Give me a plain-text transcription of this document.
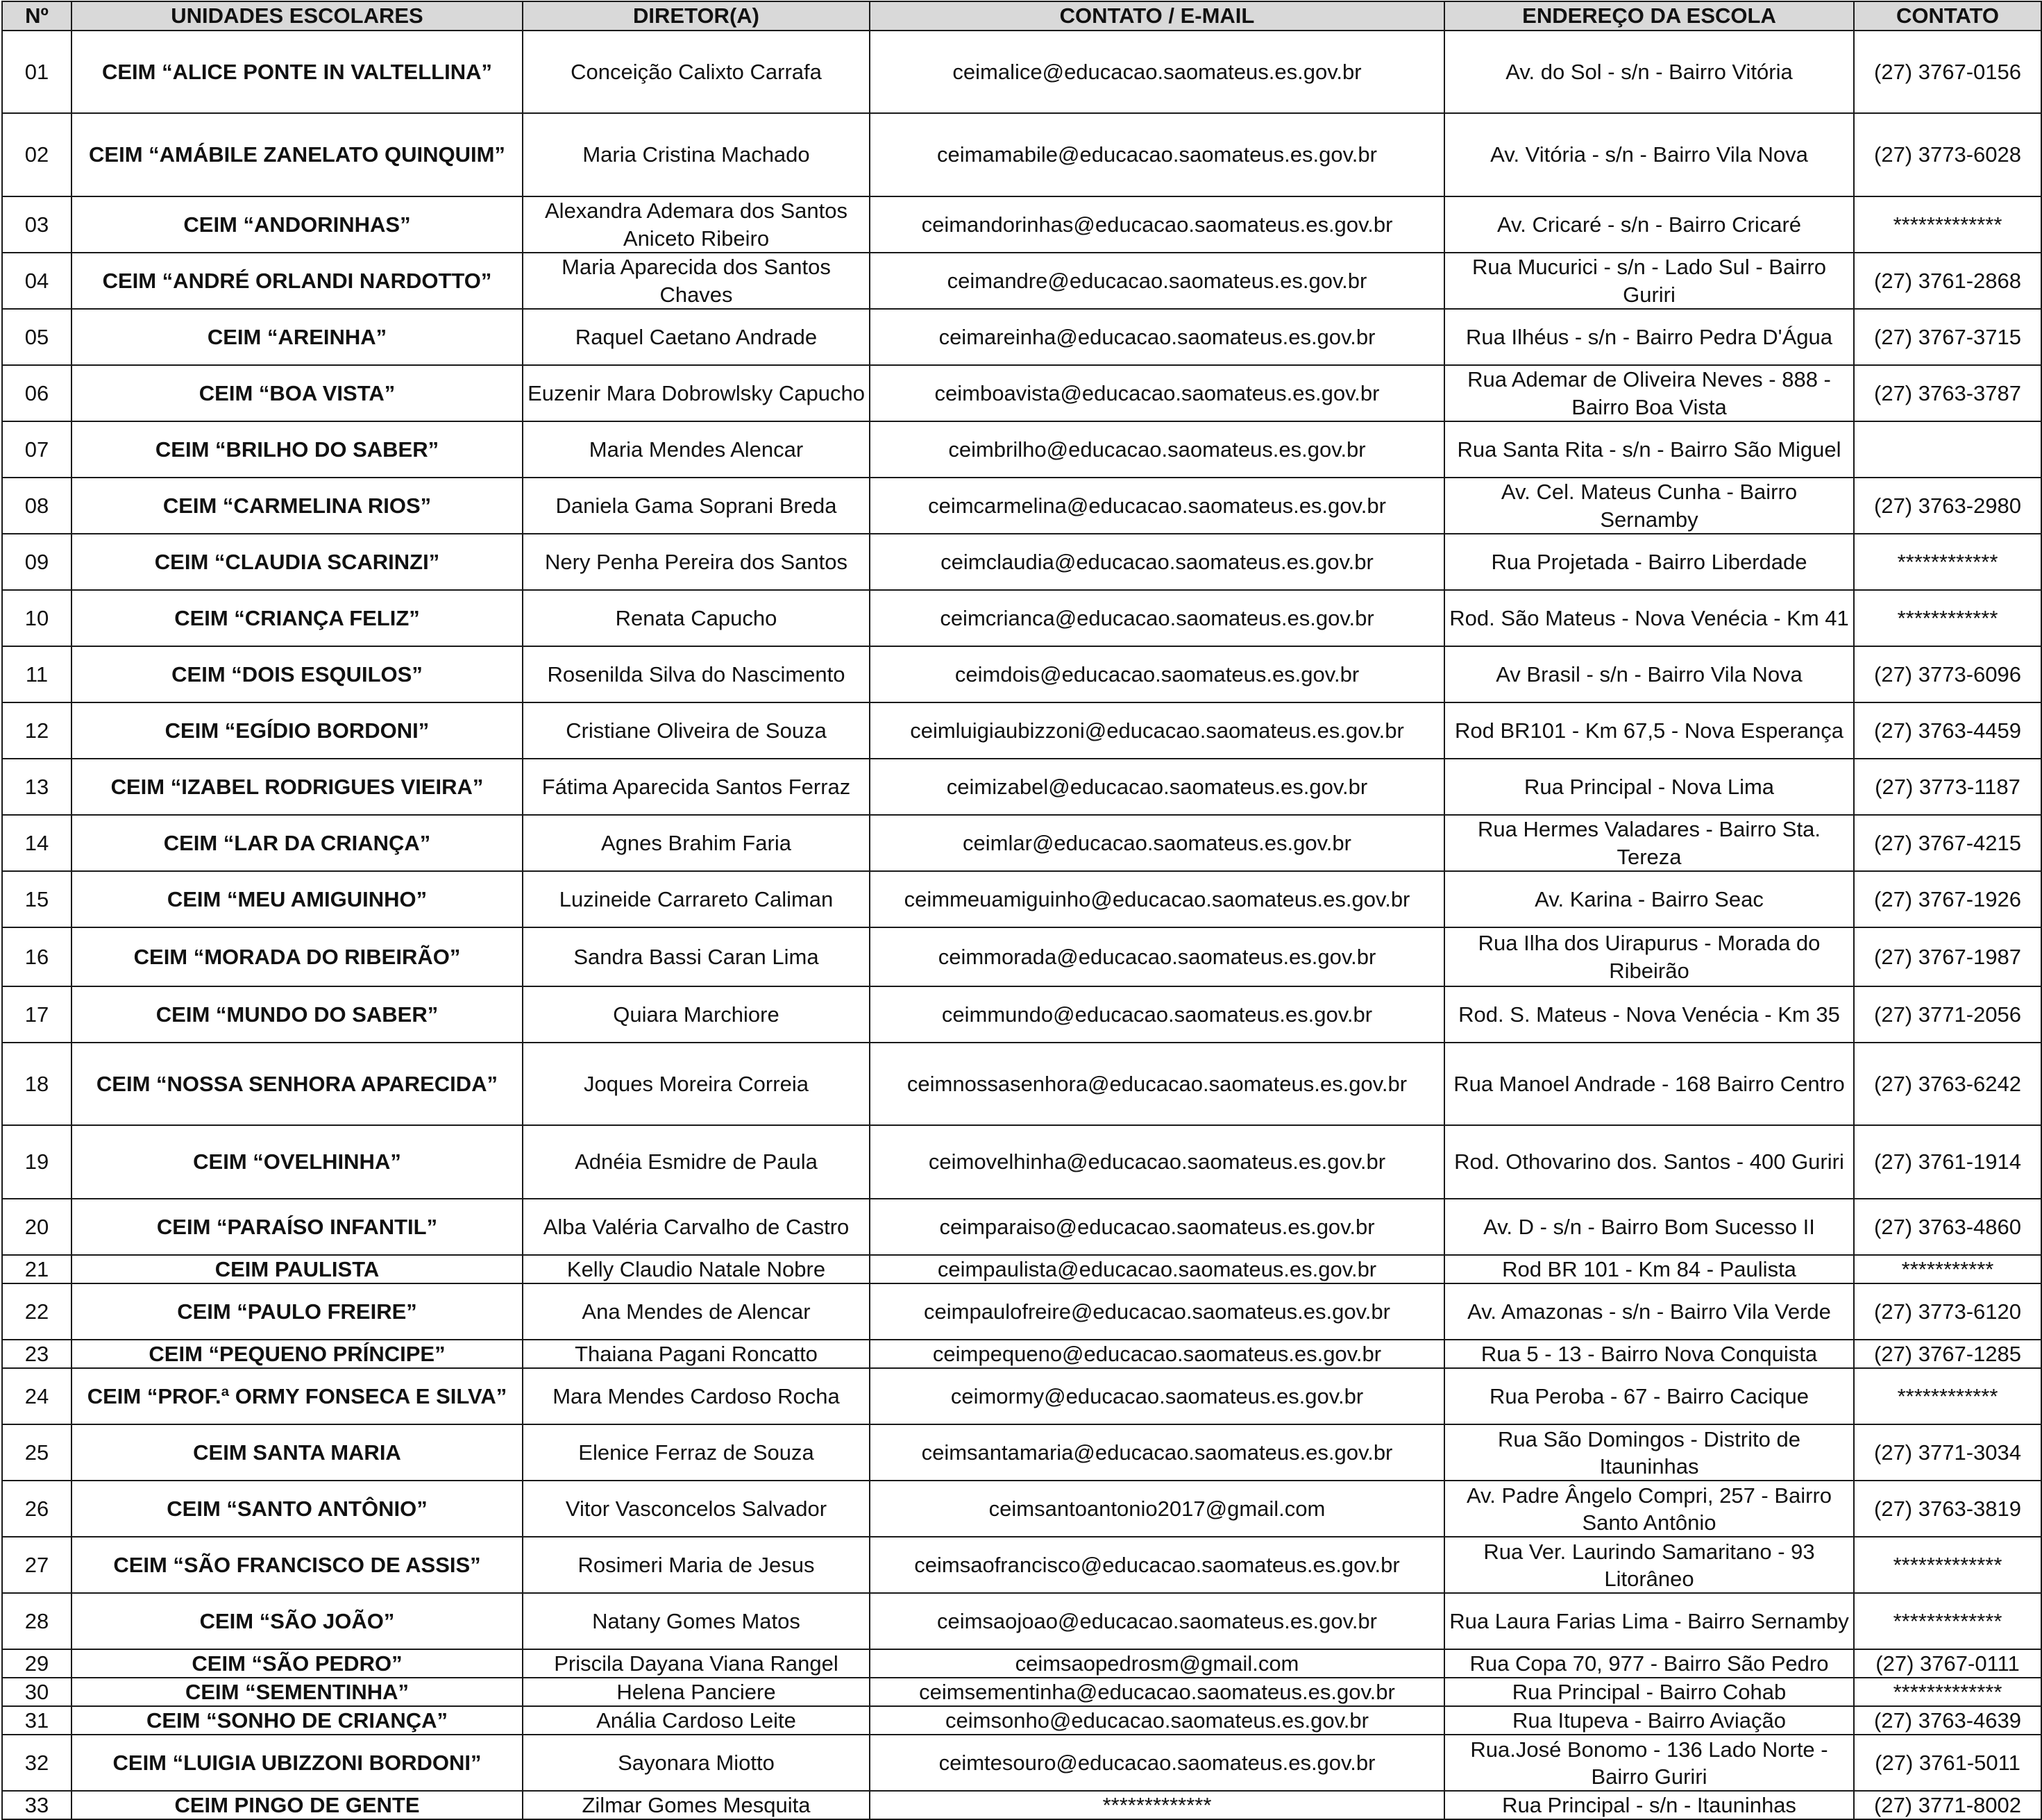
Nº	UNIDADES ESCOLARES	DIRETOR(A)	CONTATO / E-MAIL	ENDEREÇO DA ESCOLA	CONTATO
01	CEIM “ALICE PONTE IN VALTELLINA”	Conceição Calixto Carrafa	ceimalice@educacao.saomateus.es.gov.br	Av. do Sol - s/n - Bairro Vitória	(27) 3767-0156
02	CEIM “AMÁBILE ZANELATO QUINQUIM”	Maria Cristina Machado	ceimamabile@educacao.saomateus.es.gov.br	Av. Vitória - s/n - Bairro Vila Nova	(27) 3773-6028
03	CEIM “ANDORINHAS”	Alexandra Ademara dos Santos Aniceto Ribeiro	ceimandorinhas@educacao.saomateus.es.gov.br	Av. Cricaré - s/n - Bairro Cricaré	*************
04	CEIM “ANDRÉ ORLANDI NARDOTTO”	Maria Aparecida dos Santos Chaves	ceimandre@educacao.saomateus.es.gov.br	Rua Mucurici - s/n - Lado Sul - Bairro Guriri	(27) 3761-2868
05	CEIM “AREINHA”	Raquel Caetano Andrade	ceimareinha@educacao.saomateus.es.gov.br	Rua Ilhéus - s/n - Bairro Pedra D'Água	(27) 3767-3715
06	CEIM “BOA VISTA”	Euzenir Mara Dobrowlsky Capucho	ceimboavista@educacao.saomateus.es.gov.br	Rua Ademar de Oliveira Neves - 888 - Bairro Boa Vista	(27) 3763-3787
07	CEIM “BRILHO DO SABER”	Maria Mendes Alencar	ceimbrilho@educacao.saomateus.es.gov.br	Rua Santa Rita - s/n - Bairro São Miguel	
08	CEIM “CARMELINA RIOS”	Daniela Gama Soprani Breda	ceimcarmelina@educacao.saomateus.es.gov.br	Av. Cel. Mateus Cunha - Bairro Sernamby	(27) 3763-2980
09	CEIM “CLAUDIA SCARINZI”	Nery Penha Pereira dos Santos	ceimclaudia@educacao.saomateus.es.gov.br	Rua Projetada - Bairro Liberdade	************
10	CEIM “CRIANÇA FELIZ”	Renata Capucho	ceimcrianca@educacao.saomateus.es.gov.br	Rod. São Mateus - Nova Venécia - Km 41	************
11	CEIM “DOIS ESQUILOS”	Rosenilda Silva do Nascimento	ceimdois@educacao.saomateus.es.gov.br	Av Brasil - s/n - Bairro Vila Nova	(27) 3773-6096
12	CEIM “EGÍDIO BORDONI”	Cristiane Oliveira de Souza	ceimluigiaubizzoni@educacao.saomateus.es.gov.br	Rod BR101 - Km 67,5 - Nova Esperança	(27) 3763-4459
13	CEIM “IZABEL RODRIGUES VIEIRA”	Fátima Aparecida Santos Ferraz	ceimizabel@educacao.saomateus.es.gov.br	Rua Principal - Nova Lima	(27) 3773-1187
14	CEIM “LAR DA CRIANÇA”	Agnes Brahim Faria	ceimlar@educacao.saomateus.es.gov.br	Rua Hermes Valadares - Bairro Sta. Tereza	(27) 3767-4215
15	CEIM “MEU AMIGUINHO”	Luzineide Carrareto Caliman	ceimmeuamiguinho@educacao.saomateus.es.gov.br	Av. Karina - Bairro Seac	(27) 3767-1926
16	CEIM “MORADA DO RIBEIRÃO”	Sandra Bassi Caran Lima	ceimmorada@educacao.saomateus.es.gov.br	Rua Ilha dos Uirapurus - Morada do Ribeirão	(27) 3767-1987
17	CEIM “MUNDO DO SABER”	Quiara Marchiore	ceimmundo@educacao.saomateus.es.gov.br	Rod. S. Mateus - Nova Venécia - Km 35	(27) 3771-2056
18	CEIM “NOSSA SENHORA APARECIDA”	Joques Moreira Correia	ceimnossasenhora@educacao.saomateus.es.gov.br	Rua Manoel Andrade - 168 Bairro Centro	(27) 3763-6242
19	CEIM “OVELHINHA”	Adnéia Esmidre de Paula	ceimovelhinha@educacao.saomateus.es.gov.br	Rod. Othovarino dos. Santos - 400 Guriri	(27) 3761-1914
20	CEIM “PARAÍSO INFANTIL”	Alba Valéria Carvalho de Castro	ceimparaiso@educacao.saomateus.es.gov.br	Av. D - s/n - Bairro Bom Sucesso II	(27) 3763-4860
21	CEIM PAULISTA	Kelly Claudio Natale Nobre	ceimpaulista@educacao.saomateus.es.gov.br	Rod BR 101 - Km 84 - Paulista	***********
22	CEIM “PAULO FREIRE”	Ana Mendes de Alencar	ceimpaulofreire@educacao.saomateus.es.gov.br	Av. Amazonas - s/n - Bairro Vila Verde	(27) 3773-6120
23	CEIM “PEQUENO PRÍNCIPE”	Thaiana Pagani Roncatto	ceimpequeno@educacao.saomateus.es.gov.br	Rua 5 - 13 - Bairro Nova Conquista	(27) 3767-1285
24	CEIM “PROF.ª ORMY FONSECA E SILVA”	Mara Mendes Cardoso Rocha	ceimormy@educacao.saomateus.es.gov.br	Rua Peroba - 67 - Bairro Cacique	************
25	CEIM SANTA MARIA	Elenice Ferraz de Souza	ceimsantamaria@educacao.saomateus.es.gov.br	Rua São Domingos - Distrito de Itauninhas	(27) 3771-3034
26	CEIM “SANTO ANTÔNIO”	Vitor Vasconcelos Salvador	ceimsantoantonio2017@gmail.com	Av. Padre Ângelo Compri, 257 - Bairro Santo Antônio	(27) 3763-3819
27	CEIM “SÃO FRANCISCO DE ASSIS”	Rosimeri Maria de Jesus	ceimsaofrancisco@educacao.saomateus.es.gov.br	Rua Ver. Laurindo Samaritano - 93 Litorâneo	*************
28	CEIM “SÃO JOÃO”	Natany Gomes Matos	ceimsaojoao@educacao.saomateus.es.gov.br	Rua Laura Farias Lima - Bairro Sernamby	*************
29	CEIM “SÃO PEDRO”	Priscila Dayana Viana Rangel	ceimsaopedrosm@gmail.com	Rua Copa 70, 977 - Bairro São Pedro	(27) 3767-0111
30	CEIM “SEMENTINHA”	Helena Panciere	ceimsementinha@educacao.saomateus.es.gov.br	Rua Principal - Bairro Cohab	*************
31	CEIM “SONHO DE CRIANÇA”	Anália Cardoso Leite	ceimsonho@educacao.saomateus.es.gov.br	Rua Itupeva - Bairro Aviação	(27) 3763-4639
32	CEIM “LUIGIA UBIZZONI BORDONI”	Sayonara Miotto	ceimtesouro@educacao.saomateus.es.gov.br	Rua.José Bonomo - 136 Lado Norte - Bairro Guriri	(27) 3761-5011
33	CEIM PINGO DE GENTE	Zilmar Gomes Mesquita	*************	Rua Principal - s/n - Itauninhas	(27) 3771-8002
